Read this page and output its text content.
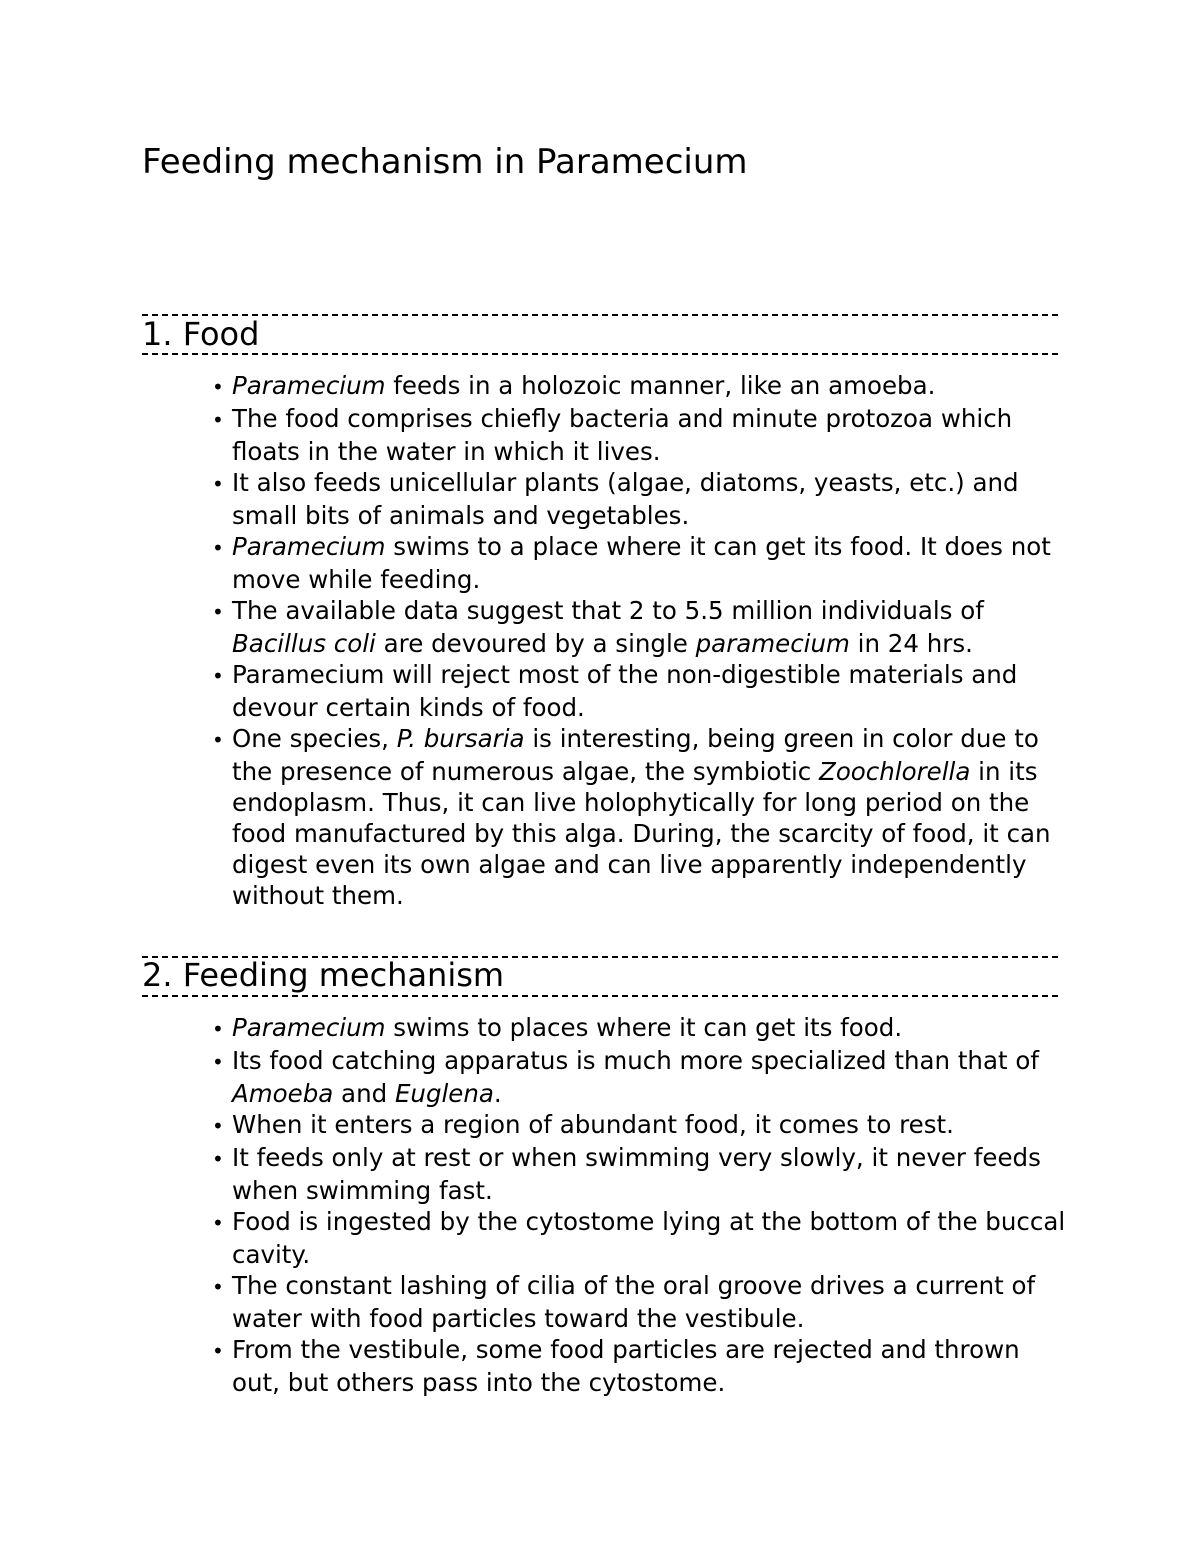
Feeding mechanism in Paramecium
1. Food
• Paramecium feeds in a holozoic manner, like an amoeba.
• The food comprises chiefly bacteria and minute protozoa which floats in the water in which it lives.
• It also feeds unicellular plants (algae, diatoms, yeasts, etc.) and small bits of animals and vegetables.
• Paramecium swims to a place where it can get its food. It does not move while feeding.
• The available data suggest that 2 to 5.5 million individuals of Bacillus coli are devoured by a single paramecium in 24 hrs.
• Paramecium will reject most of the non-digestible materials and devour certain kinds of food.
• One species, P. bursaria is interesting, being green in color due to the presence of numerous algae, the symbiotic Zoochlorella in its endoplasm. Thus, it can live holophytically for long period on the food manufactured by this alga. During, the scarcity of food, it can digest even its own algae and can live apparently independently without them.
2. Feeding mechanism
• Paramecium swims to places where it can get its food.
• Its food catching apparatus is much more specialized than that of Amoeba and Euglena.
• When it enters a region of abundant food, it comes to rest.
• It feeds only at rest or when swimming very slowly, it never feeds when swimming fast.
• Food is ingested by the cytostome lying at the bottom of the buccal cavity.
• The constant lashing of cilia of the oral groove drives a current of water with food particles toward the vestibule.
• From the vestibule, some food particles are rejected and thrown out, but others pass into the cytostome.
